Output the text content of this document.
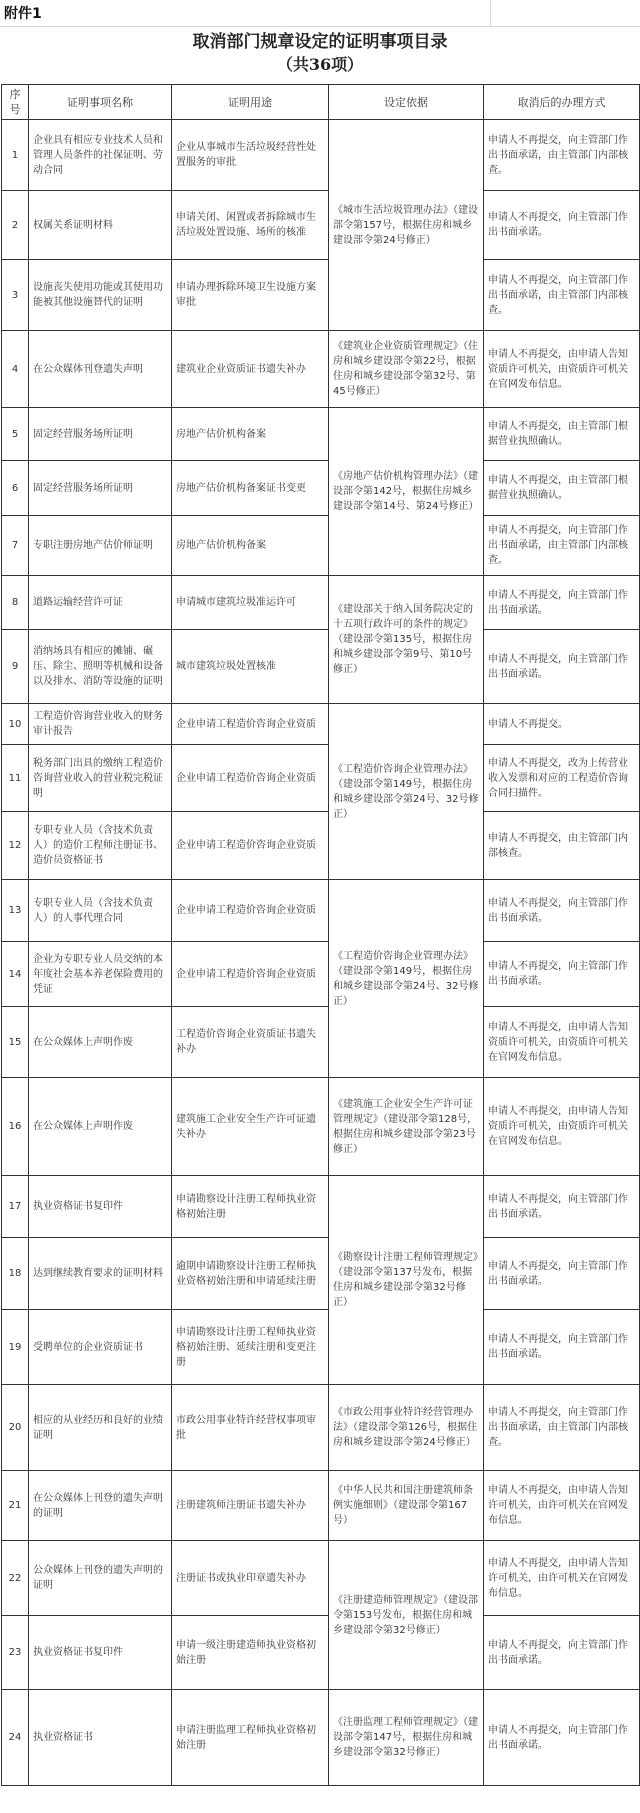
附件1
取消部门规章设定的证明事项目录
（共36项）
序号	证明事项名称	证明用途	设定依据	取消后的办理方式
1	企业具有相应专业技术人员和管理人员条件的社保证明、劳动合同	企业从事城市生活垃圾经营性处置服务的审批	《城市生活垃圾管理办法》（建设部令第157号，根据住房和城乡建设部令第24号修正）	申请人不再提交，向主管部门作出书面承诺，由主管部门内部核查。
2	权属关系证明材料	申请关闭、闲置或者拆除城市生活垃圾处置设施、场所的核准		申请人不再提交，向主管部门作出书面承诺。
3	设施丧失使用功能或其使用功能被其他设施替代的证明	申请办理拆除环境卫生设施方案审批		申请人不再提交，向主管部门作出书面承诺，由主管部门内部核查。
4	在公众媒体刊登遗失声明	建筑业企业资质证书遗失补办	《建筑业企业资质管理规定》（住房和城乡建设部令第22号，根据住房和城乡建设部令第32号、第45号修正）	申请人不再提交，由申请人告知资质许可机关，由资质许可机关在官网发布信息。
5	固定经营服务场所证明	房地产估价机构备案	《房地产估价机构管理办法》（建设部令第142号，根据住房城乡建设部令第14号、第24号修正）	申请人不再提交，由主管部门根据营业执照确认。
6	固定经营服务场所证明	房地产估价机构备案证书变更		申请人不再提交，由主管部门根据营业执照确认。
7	专职注册房地产估价师证明	房地产估价机构备案		申请人不再提交，向主管部门作出书面承诺，由主管部门内部核查。
8	道路运输经营许可证	申请城市建筑垃圾准运许可	《建设部关于纳入国务院决定的十五项行政许可的条件的规定》（建设部令第135号，根据住房和城乡建设部令第9号、第10号修正）	申请人不再提交，向主管部门作出书面承诺。
9	消纳场具有相应的摊铺、碾压、除尘、照明等机械和设备以及排水、消防等设施的证明	城市建筑垃圾处置核准		申请人不再提交，向主管部门作出书面承诺。
10	工程造价咨询营业收入的财务审计报告	企业申请工程造价咨询企业资质	《工程造价咨询企业管理办法》（建设部令第149号，根据住房和城乡建设部令第24号、32号修正）	申请人不再提交。
11	税务部门出具的缴纳工程造价咨询营业收入的营业税完税证明	企业申请工程造价咨询企业资质		申请人不再提交，改为上传营业收入发票和对应的工程造价咨询合同扫描件。
12	专职专业人员（含技术负责人）的造价工程师注册证书、造价员资格证书	企业申请工程造价咨询企业资质		申请人不再提交，由主管部门内部核查。
13	专职专业人员（含技术负责人）的人事代理合同	企业申请工程造价咨询企业资质	《工程造价咨询企业管理办法》（建设部令第149号，根据住房和城乡建设部令第24号、32号修正）	申请人不再提交，向主管部门作出书面承诺。
14	企业为专职专业人员交纳的本年度社会基本养老保险费用的凭证	企业申请工程造价咨询企业资质		申请人不再提交，向主管部门作出书面承诺。
15	在公众媒体上声明作废	工程造价咨询企业资质证书遗失补办		申请人不再提交，由申请人告知资质许可机关，由资质许可机关在官网发布信息。
16	在公众媒体上声明作废	建筑施工企业安全生产许可证遗失补办	《建筑施工企业安全生产许可证管理规定》（建设部令第128号，根据住房和城乡建设部令第23号修正）	申请人不再提交，由申请人告知资质许可机关，由资质许可机关在官网发布信息。
17	执业资格证书复印件	申请勘察设计注册工程师执业资格初始注册	《勘察设计注册工程师管理规定》（建设部令第137号发布，根据住房和城乡建设部令第32号修正）	申请人不再提交，向主管部门作出书面承诺。
18	达到继续教育要求的证明材料	逾期申请勘察设计注册工程师执业资格初始注册和申请延续注册		申请人不再提交，向主管部门作出书面承诺。
19	受聘单位的企业资质证书	申请勘察设计注册工程师执业资格初始注册、延续注册和变更注册		申请人不再提交，向主管部门作出书面承诺。
20	相应的从业经历和良好的业绩证明	市政公用事业特许经营权事项审批	《市政公用事业特许经营管理办法》（建设部令第126号，根据住房和城乡建设部令第24号修正）	申请人不再提交，向主管部门作出书面承诺，由主管部门内部核查。
21	在公众媒体上刊登的遗失声明的证明	注册建筑师注册证书遗失补办	《中华人民共和国注册建筑师条例实施细则》（建设部令第167号）	申请人不再提交，由申请人告知许可机关，由许可机关在官网发布信息。
22	公众媒体上刊登的遗失声明的证明	注册证书或执业印章遗失补办	《注册建造师管理规定》（建设部令第153号发布，根据住房和城乡建设部令第32号修正）	申请人不再提交，由申请人告知许可机关，由许可机关在官网发布信息。
23	执业资格证书复印件	申请一级注册建造师执业资格初始注册		申请人不再提交，向主管部门作出书面承诺。
24	执业资格证书	申请注册监理工程师执业资格初始注册	《注册监理工程师管理规定》（建设部令第147号，根据住房和城乡建设部令第32号修正）	申请人不再提交，向主管部门作出书面承诺。
